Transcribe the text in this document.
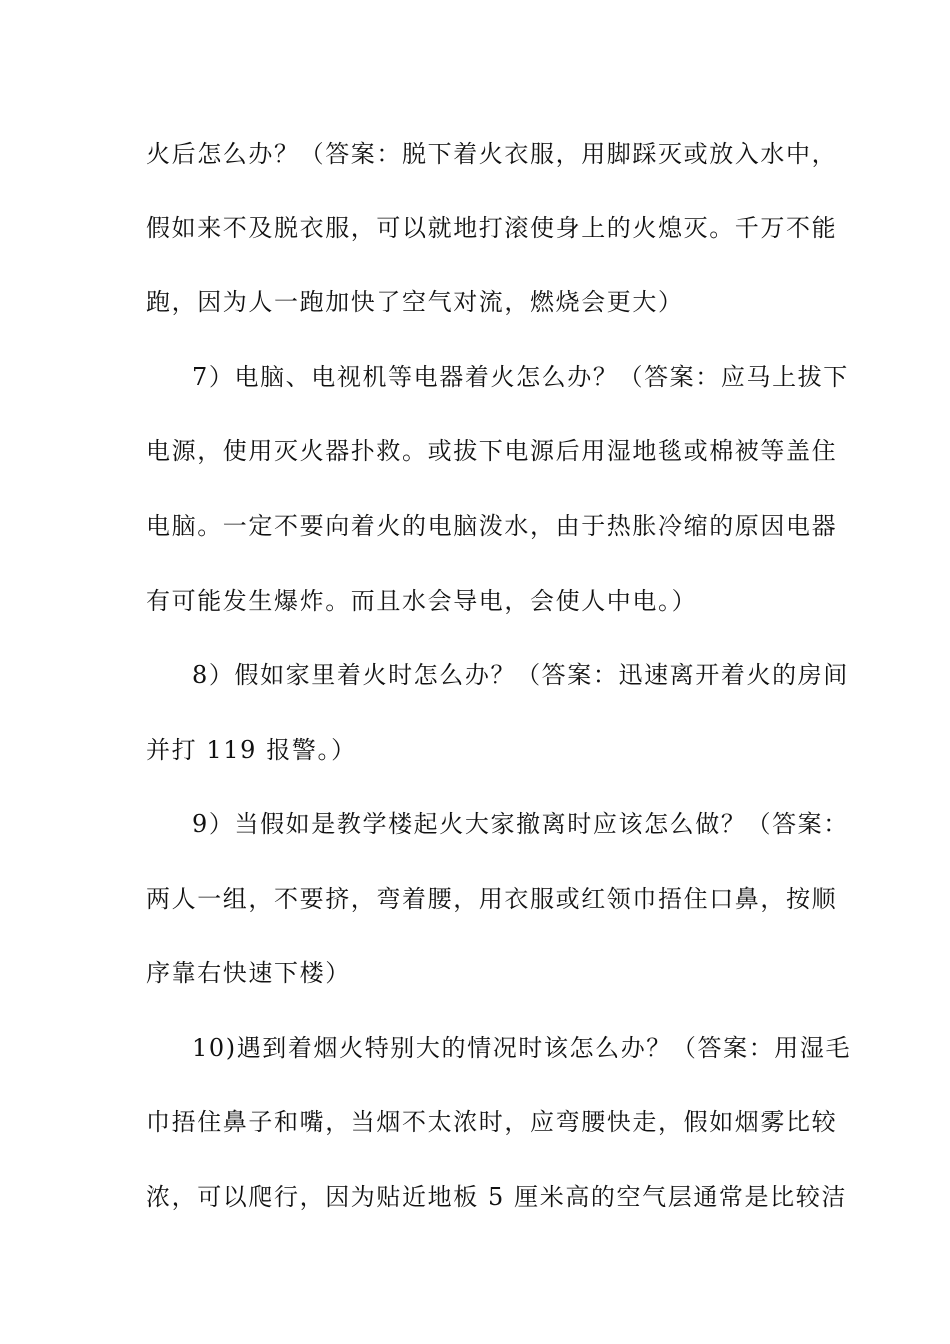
火后怎么办？（答案：脱下着火衣服，用脚踩灭或放入水中，
假如来不及脱衣服，可以就地打滚使身上的火熄灭。千万不能
跑，因为人一跑加快了空气对流，燃烧会更大）
7）电脑、电视机等电器着火怎么办？（答案：应马上拔下
电源，使用灭火器扑救。或拔下电源后用湿地毯或棉被等盖住
电脑。一定不要向着火的电脑泼水，由于热胀冷缩的原因电器
有可能发生爆炸。而且水会导电，会使人中电。）
8）假如家里着火时怎么办？（答案：迅速离开着火的房间
并打 119 报警。）
9）当假如是教学楼起火大家撤离时应该怎么做？（答案：
两人一组，不要挤，弯着腰，用衣服或红领巾捂住口鼻，按顺
序靠右快速下楼）
10)遇到着烟火特别大的情况时该怎么办？（答案：用湿毛
巾捂住鼻子和嘴，当烟不太浓时，应弯腰快走，假如烟雾比较
浓，可以爬行，因为贴近地板 5 厘米高的空气层通常是比较洁
